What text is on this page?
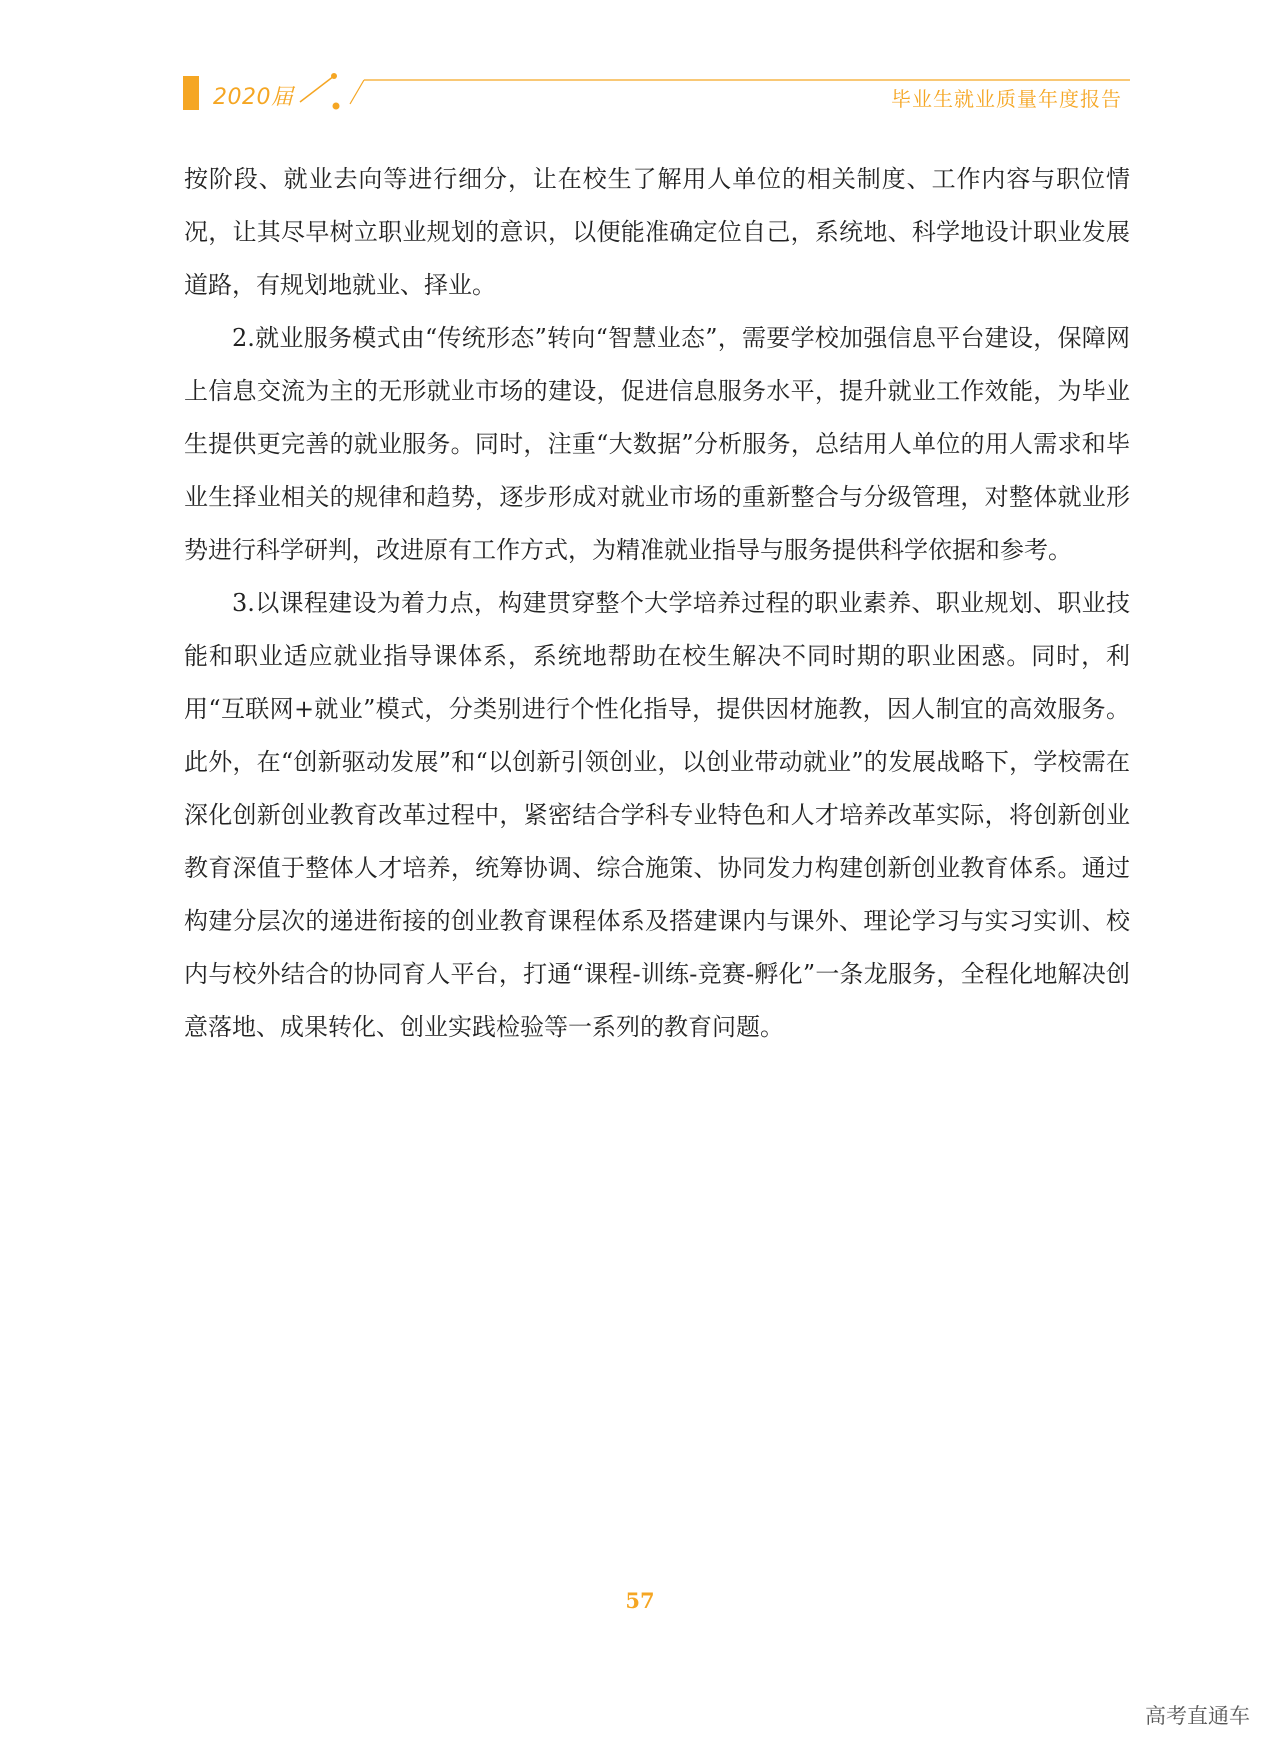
2020届	毕业生就业质量年度报告

按阶段、就业去向等进行细分，让在校生了解用人单位的相关制度、工作内容与职位情况，让其尽早树立职业规划的意识，以便能准确定位自己，系统地、科学地设计职业发展道路，有规划地就业、择业。

2.就业服务模式由“传统形态”转向“智慧业态”，需要学校加强信息平台建设，保障网上信息交流为主的无形就业市场的建设，促进信息服务水平，提升就业工作效能，为毕业生提供更完善的就业服务。同时，注重“大数据”分析服务，总结用人单位的用人需求和毕业生择业相关的规律和趋势，逐步形成对就业市场的重新整合与分级管理，对整体就业形势进行科学研判，改进原有工作方式，为精准就业指导与服务提供科学依据和参考。

3.以课程建设为着力点，构建贯穿整个大学培养过程的职业素养、职业规划、职业技能和职业适应就业指导课体系，系统地帮助在校生解决不同时期的职业困惑。同时，利用“互联网+就业”模式，分类别进行个性化指导，提供因材施教，因人制宜的高效服务。此外，在“创新驱动发展”和“以创新引领创业，以创业带动就业”的发展战略下，学校需在深化创新创业教育改革过程中，紧密结合学科专业特色和人才培养改革实际，将创新创业教育深值于整体人才培养，统筹协调、综合施策、协同发力构建创新创业教育体系。通过构建分层次的递进衔接的创业教育课程体系及搭建课内与课外、理论学习与实习实训、校内与校外结合的协同育人平台，打通“课程-训练-竞赛-孵化”一条龙服务，全程化地解决创意落地、成果转化、创业实践检验等一系列的教育问题。

57
高考直通车
